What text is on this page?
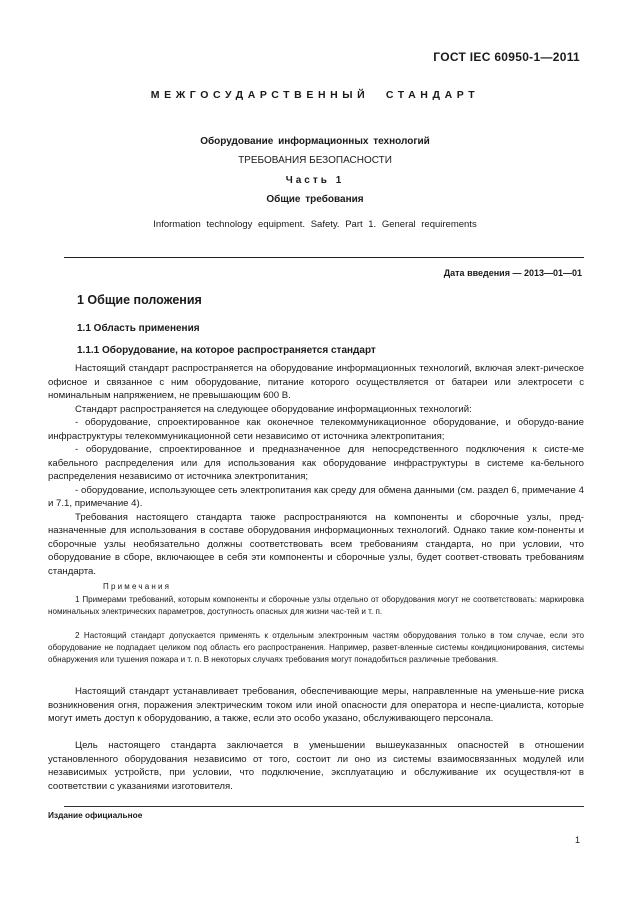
ГОСТ IEC 60950-1—2011
МЕЖГОСУДАРСТВЕННЫЙ СТАНДАРТ
Оборудование информационных технологий
ТРЕБОВАНИЯ БЕЗОПАСНОСТИ
Часть 1
Общие требования
Information technology equipment. Safety. Part 1. General requirements
Дата введения — 2013—01—01
1 Общие положения
1.1 Область применения
1.1.1 Оборудование, на которое распространяется стандарт

Настоящий стандарт распространяется на оборудование информационных технологий, включая элект-рическое офисное и связанное с ним оборудование, питание которого осуществляется от батареи или электросети с номинальным напряжением, не превышающим 600 В.

Стандарт распространяется на следующее оборудование информационных технологий:

- оборудование, спроектированное как оконечное телекоммуникационное оборудование, и оборудо-вание инфраструктуры телекоммуникационной сети независимо от источника электропитания;

- оборудование, спроектированное и предназначенное для непосредственного подключения к систе-ме кабельного распределения или для использования как оборудование инфраструктуры в системе ка-бельного распределения независимо от источника электропитания;

- оборудование, использующее сеть электропитания как среду для обмена данными (см. раздел 6, примечание 4 и 7.1, примечание 4).

Требования настоящего стандарта также распространяются на компоненты и сборочные узлы, пред-назначенные для использования в составе оборудования информационных технологий. Однако такие ком-поненты и сборочные узлы необязательно должны соответствовать всем требованиям стандарта, но при условии, что оборудование в сборе, включающее в себя эти компоненты и сборочные узлы, будет соответ-ствовать требованиям стандарта.

Примечания

1 Примерами требований, которым компоненты и сборочные узлы отдельно от оборудования могут не соответствовать: маркировка номинальных электрических параметров, доступность опасных для жизни час-тей и т. п.

2 Настоящий стандарт допускается применять к отдельным электронным частям оборудования только в том случае, если это оборудование не подпадает целиком под область его распространения. Например, развет-вленные системы кондиционирования, системы обнаружения или тушения пожара и т. п. В некоторых случаях требования могут понадобиться различные требования.

Настоящий стандарт устанавливает требования, обеспечивающие меры, направленные на уменьше-ние риска возникновения огня, поражения электрическим током или иной опасности для оператора и неспе-циалиста, которые могут иметь доступ к оборудованию, а также, если это особо указано, обслуживающего персонала.

Цель настоящего стандарта заключается в уменьшении вышеуказанных опасностей в отношении установленного оборудования независимо от того, состоит ли оно из системы взаимосвязанных модулей или независимых устройств, при условии, что подключение, эксплуатацию и обслуживание их осуществля-ют в соответствии с указаниями изготовителя.

Издание официальное
1
